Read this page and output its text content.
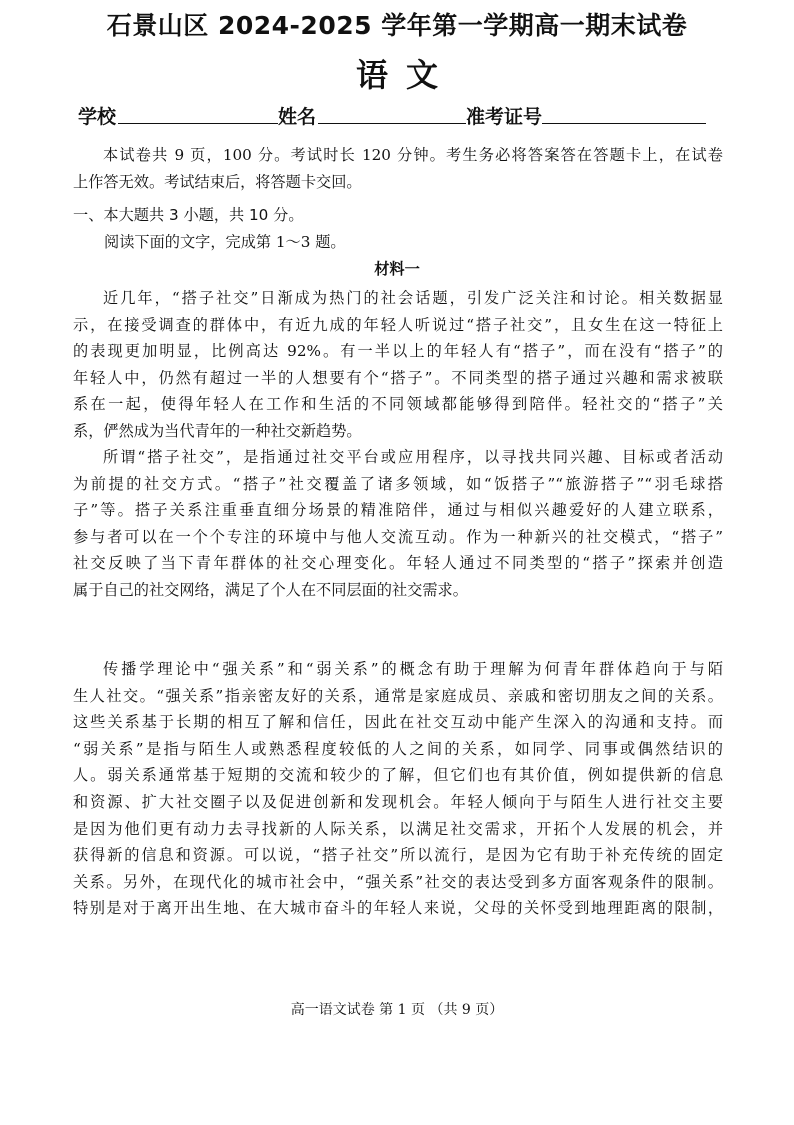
石景山区 2024-2025 学年第一学期高一期末试卷
语文
学校	姓名	准考证号
本试卷共 9 页，100 分。考试时长 120 分钟。考生务必将答案答在答题卡上，在试卷
上作答无效。考试结束后，将答题卡交回。
一、本大题共 3 小题，共 10 分。
阅读下面的文字，完成第 1～3 题。
材料一
近几年，“搭子社交”日渐成为热门的社会话题，引发广泛关注和讨论。相关数据显
示，在接受调查的群体中，有近九成的年轻人听说过“搭子社交”，且女生在这一特征上
的表现更加明显，比例高达 92%。有一半以上的年轻人有“搭子”，而在没有“搭子”的
年轻人中，仍然有超过一半的人想要有个“搭子”。不同类型的搭子通过兴趣和需求被联
系在一起，使得年轻人在工作和生活的不同领域都能够得到陪伴。轻社交的“搭子”关
系，俨然成为当代青年的一种社交新趋势。
所谓“搭子社交”，是指通过社交平台或应用程序，以寻找共同兴趣、目标或者活动
为前提的社交方式。“搭子”社交覆盖了诸多领域，如“饭搭子”“旅游搭子”“羽毛球搭
子”等。搭子关系注重垂直细分场景的精准陪伴，通过与相似兴趣爱好的人建立联系，
参与者可以在一个个专注的环境中与他人交流互动。作为一种新兴的社交模式，“搭子”
社交反映了当下青年群体的社交心理变化。年轻人通过不同类型的“搭子”探索并创造
属于自己的社交网络，满足了个人在不同层面的社交需求。
传播学理论中“强关系”和“弱关系”的概念有助于理解为何青年群体趋向于与陌
生人社交。“强关系”指亲密友好的关系，通常是家庭成员、亲戚和密切朋友之间的关系。
这些关系基于长期的相互了解和信任，因此在社交互动中能产生深入的沟通和支持。而
“弱关系”是指与陌生人或熟悉程度较低的人之间的关系，如同学、同事或偶然结识的
人。弱关系通常基于短期的交流和较少的了解，但它们也有其价值，例如提供新的信息
和资源、扩大社交圈子以及促进创新和发现机会。年轻人倾向于与陌生人进行社交主要
是因为他们更有动力去寻找新的人际关系，以满足社交需求，开拓个人发展的机会，并
获得新的信息和资源。可以说，“搭子社交”所以流行，是因为它有助于补充传统的固定
关系。另外，在现代化的城市社会中，“强关系”社交的表达受到多方面客观条件的限制。
特别是对于离开出生地、在大城市奋斗的年轻人来说，父母的关怀受到地理距离的限制，
高一语文试卷 第 1 页 （共 9 页）
